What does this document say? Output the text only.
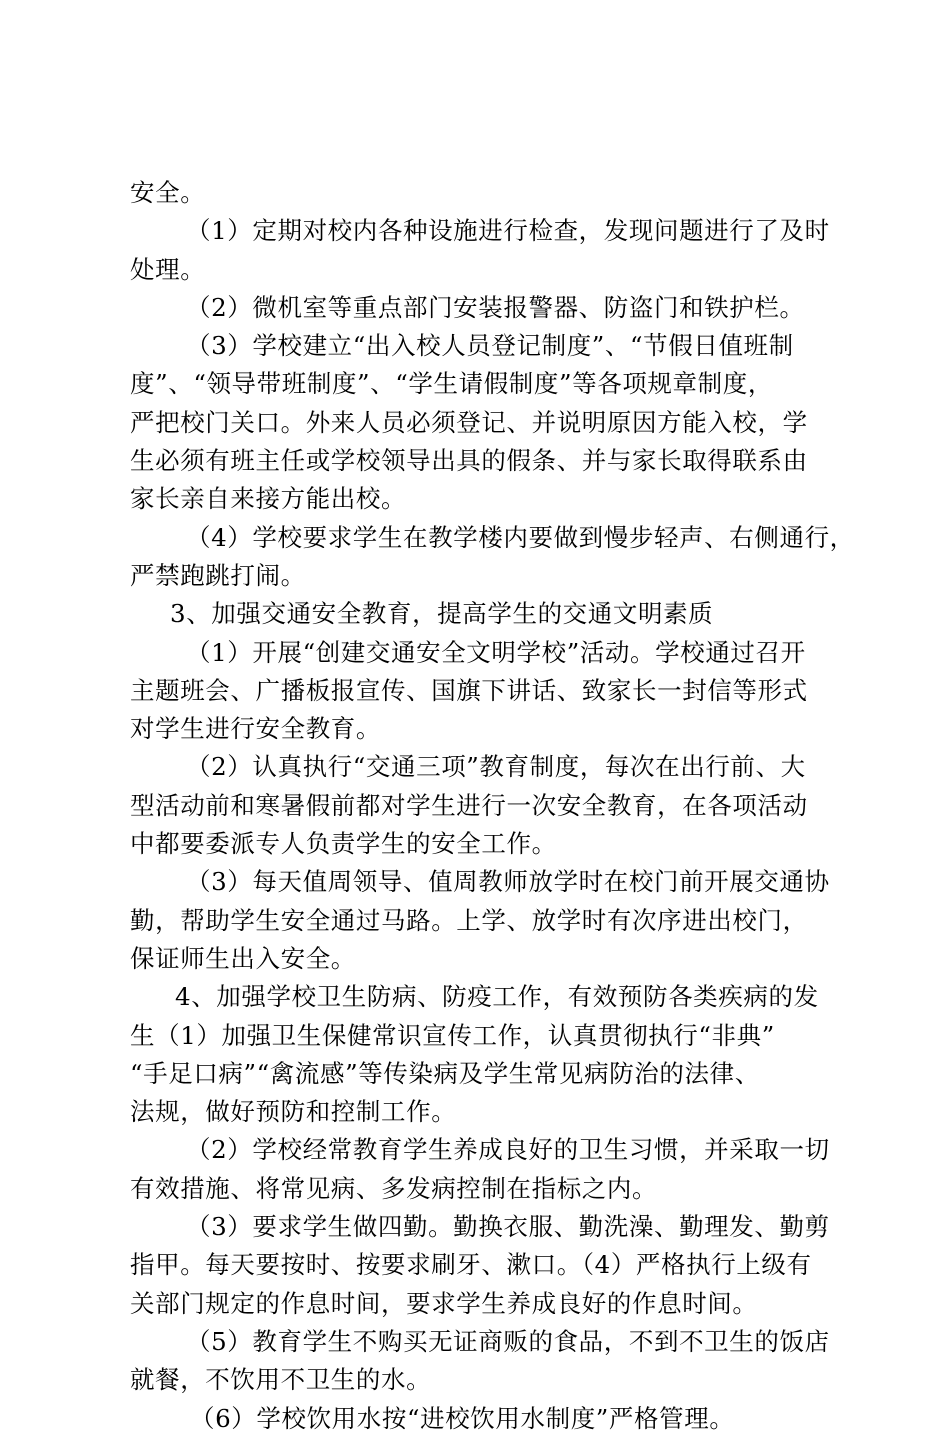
安全。
（1）定期对校内各种设施进行检查，发现问题进行了及时
处理。
（2）微机室等重点部门安装报警器、防盗门和铁护栏。
（3）学校建立“出入校人员登记制度”、“节假日值班制
度”、“领导带班制度”、“学生请假制度”等各项规章制度，
严把校门关口。外来人员必须登记、并说明原因方能入校，学
生必须有班主任或学校领导出具的假条、并与家长取得联系由
家长亲自来接方能出校。
（4）学校要求学生在教学楼内要做到慢步轻声、右侧通行，
严禁跑跳打闹。
3、加强交通安全教育，提高学生的交通文明素质
（1）开展“创建交通安全文明学校”活动。学校通过召开
主题班会、广播板报宣传、国旗下讲话、致家长一封信等形式
对学生进行安全教育。
（2）认真执行“交通三项”教育制度，每次在出行前、大
型活动前和寒暑假前都对学生进行一次安全教育，在各项活动
中都要委派专人负责学生的安全工作。
（3）每天值周领导、值周教师放学时在校门前开展交通协
勤，帮助学生安全通过马路。上学、放学时有次序进出校门，
保证师生出入安全。
4、加强学校卫生防病、防疫工作，有效预防各类疾病的发
生（1）加强卫生保健常识宣传工作，认真贯彻执行“非典”
“手足口病”“禽流感”等传染病及学生常见病防治的法律、
法规，做好预防和控制工作。
（2）学校经常教育学生养成良好的卫生习惯，并采取一切
有效措施、将常见病、多发病控制在指标之内。
（3）要求学生做四勤。勤换衣服、勤洗澡、勤理发、勤剪
指甲。每天要按时、按要求刷牙、漱口。（4）严格执行上级有
关部门规定的作息时间，要求学生养成良好的作息时间。
（5）教育学生不购买无证商贩的食品，不到不卫生的饭店
就餐，不饮用不卫生的水。
（6）学校饮用水按“进校饮用水制度”严格管理。
